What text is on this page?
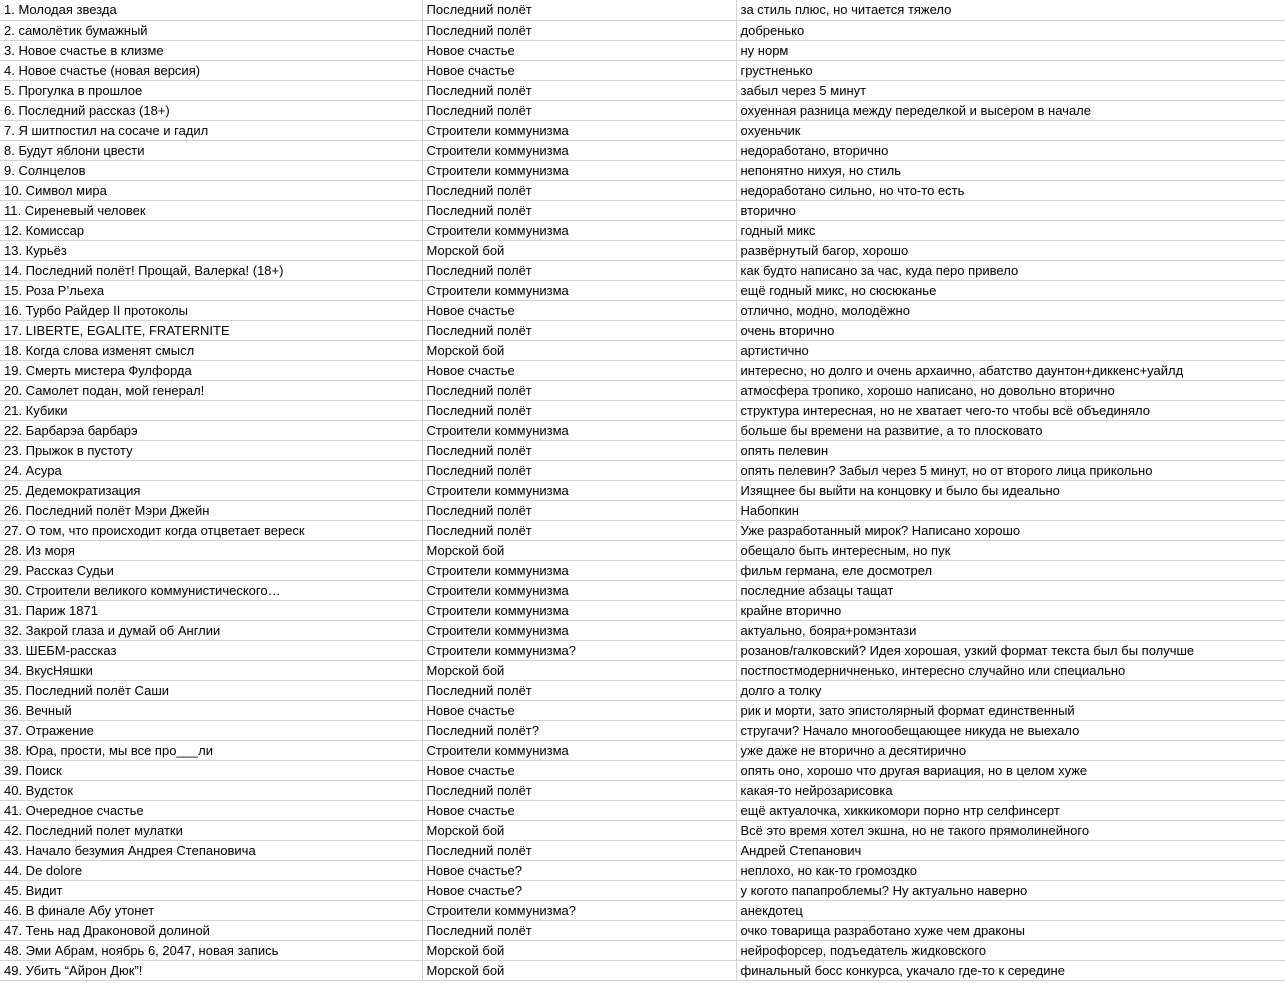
1. Молодая звезда	Последний полёт	за стиль плюс, но читается тяжело
2. самолётик бумажный	Последний полёт	добренько
3. Новое счастье в клизме	Новое счастье	ну норм
4. Новое счастье (новая версия)	Новое счастье	грустненько
5. Прогулка в прошлое	Последний полёт	забыл через 5 минут
6. Последний рассказ (18+)	Последний полёт	охуенная разница между переделкой и высером в начале
7. Я шитпостил на сосаче и гадил	Строители коммунизма	охуеньчик
8. Будут яблони цвести	Строители коммунизма	недоработано, вторично
9. Солнцелов	Строители коммунизма	непонятно нихуя, но стиль
10. Символ мира	Последний полёт	недоработано сильно, но что-то есть
11. Сиреневый человек	Последний полёт	вторично
12. Комиссар	Строители коммунизма	годный микс
13. Курьёз	Морской бой	развёрнутый багор, хорошо
14. Последний полёт! Прощай, Валерка! (18+)	Последний полёт	как будто написано за час, куда перо привело
15. Роза Р’льеха	Строители коммунизма	ещё годный микс, но сюсюканье
16. Турбо Райдер II протоколы	Новое счастье	отлично, модно, молодёжно
17. LIBERTE, EGALITE, FRATERNITE	Последний полёт	очень вторично
18. Когда слова изменят смысл	Морской бой	артистично
19. Смерть мистера Фулфорда	Новое счастье	интересно, но долго и очень архаично, абатство даунтон+диккенс+уайлд
20. Самолет подан, мой генерал!	Последний полёт	атмосфера тропико, хорошо написано, но довольно вторично
21. Кубики	Последний полёт	структура интересная, но не хватает чего-то чтобы всё объединяло
22. Барбарэа барбарэ	Строители коммунизма	больше бы времени на развитие, а то плосковато
23. Прыжок в пустоту	Последний полёт	опять пелевин
24. Асура	Последний полёт	опять пелевин? Забыл через 5 минут, но от второго лица прикольно
25. Дедемократизация	Строители коммунизма	Изящнее бы выйти на концовку и было бы идеально
26. Последний полёт Мэри Джейн	Последний полёт	Набопкин
27. О том, что происходит когда отцветает вереск	Последний полёт	Уже разработанный мирок? Написано хорошо
28. Из моря	Морской бой	обещало быть интересным, но пук
29. Рассказ Судьи	Строители коммунизма	фильм германа, еле досмотрел
30. Строители великого коммунистического…	Строители коммунизма	последние абзацы тащат
31. Париж 1871	Строители коммунизма	крайне вторично
32. Закрой глаза и думай об Англии	Строители коммунизма	актуально, бояра+ромэнтази
33. ШЕБМ-рассказ	Строители коммунизма?	розанов/галковский? Идея хорошая, узкий формат текста был бы получше
34. ВкусНяшки	Морской бой	постпостмодерничненько, интересно случайно или специально
35. Последний полёт Саши	Последний полёт	долго а толку
36. Вечный	Новое счастье	рик и морти, зато эпистолярный формат единственный
37. Отражение	Последний полёт?	стругачи? Начало многообещающее никуда не выехало
38. Юра, прости, мы все про___ли	Строители коммунизма	уже даже не вторично а десятирично
39. Поиск	Новое счастье	опять оно, хорошо что другая вариация, но в целом хуже
40. Вудсток	Последний полёт	какая-то нейрозарисовка
41. Очередное счастье	Новое счастье	ещё актуалочка, хиккикомори порно нтр селфинсерт
42. Последний полет мулатки	Морской бой	Всё это время хотел экшна, но не такого прямолинейного
43. Начало безумия Андрея Степановича	Последний полёт	Андрей Степанович
44. De dolore	Новое счастье?	неплохо, но как-то громоздко
45. Видит	Новое счастье?	у когото папапроблемы? Ну актуально наверно
46. В финале Абу утонет	Строители коммунизма?	анекдотец
47. Тень над Драконовой долиной	Последний полёт	очко товарища разработано хуже чем драконы
48. Эми Абрам, ноябрь 6, 2047, новая запись	Морской бой	нейрофорсер, подъедатель жидковского
49. Убить “Айрон Дюк”!	Морской бой	финальный босс конкурса, укачало где-то к середине
